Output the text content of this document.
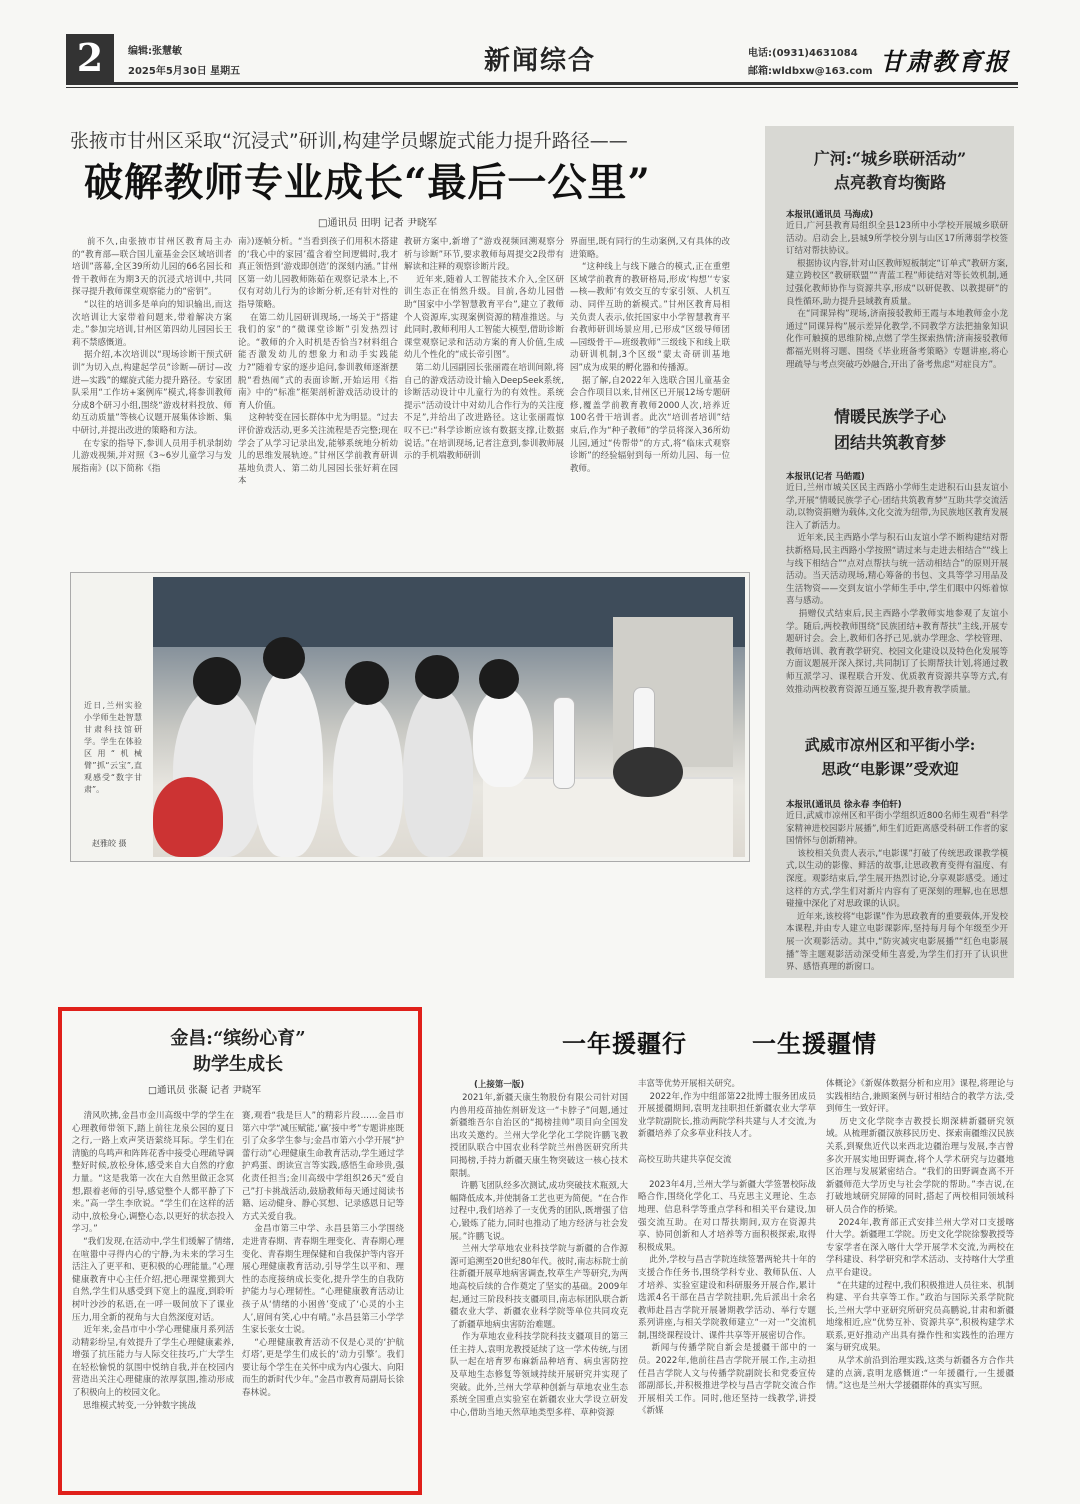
2	编辑:张慧敏
2025年5月30日 星期五	新闻综合	电话:(0931)4631084
邮箱:wldbxw@163.com 甘肃教育报
张掖市甘州区采取“沉浸式”研训,构建学员螺旋式能力提升路径——
破解教师专业成长“最后一公里”
□通讯员 田明 记者 尹晓军
前不久,由张掖市甘州区教育局主办的“教育部—联合国儿童基金会区域培训者培训”落幕,全区39所幼儿园的66名园长和骨干教师在为期3天的沉浸式培训中,共同探寻提升教师课堂观察能力的“密钥”。
“以往的培训多是单向的知识输出,而这次培训让大家带着问题来,带着解决方案走。”参加完培训,甘州区第四幼儿园园长王莉不禁感慨道。
据介绍,本次培训以“现场诊断干预式研训”为切入点,构建起学员“诊断—研讨—改进—实践”的螺旋式能力提升路径。专家团队采用“工作坊+案例库”模式,将参训教师分成8个研习小组,围绕“游戏材料投放、师幼互动质量”等核心议题开展集体诊断、集中研讨,并提出改进的策略和方法。
在专家的指导下,参训人员用手机录制幼儿游戏视频,并对照《3~6岁儿童学习与发展指南》(以下简称《指
南》)逐帧分析。“当看到孩子们用积木搭建的‘我心中的家园’蕴含着空间逻辑时,我才真正领悟到‘游戏即创造’的深刻内涵。”甘州区第一幼儿园教师陈茹在观察记录本上,不仅有对幼儿行为的诊断分析,还有针对性的指导策略。
在第二幼儿园研训现场,一场关于“搭建我们的家”的“微课堂诊断”引发热烈讨论。“教师的介入时机是否恰当?材料组合能否激发幼儿的想象力和动手实践能力?”随着专家的逐步追问,参训教师逐渐摆脱“看热闹”式的表面诊断,开始运用《指南》中的“标准”框架剖析游戏活动设计的育人价值。
这种转变在园长群体中尤为明显。“过去评价游戏活动,更多关注流程是否完整;现在学会了从学习记录出发,能够系统地分析幼儿的思维发展轨迹。”甘州区学前教育研训基地负责人、第二幼儿园园长张好莉在园本
教研方案中,新增了“游戏视频回溯观察分析与诊断”环节,要求教师每周提交2段带有解读和注释的观察诊断片段。
近年来,随着人工智能技术介入,全区研训生态正在悄然升级。目前,各幼儿园借助“国家中小学智慧教育平台”,建立了教师个人资源库,实现案例资源的精准推送。与此同时,教师利用人工智能大模型,借助诊断课堂观察记录和活动方案的育人价值,生成幼儿个性化的“成长帝引图”。
第二幼儿园副园长张丽霞在培训间隙,将自己的游戏活动设计输入DeepSeek系统,诊断活动设计中儿童行为的有效性。系统提示“活动设计中对幼儿合作行为的关注度不足”,并给出了改进路径。这让张丽霞惊叹不已:“科学诊断应该有数据支撑,让数据说话。”在培训现场,记者注意到,参训教师展示的手机端教师研训
界面里,既有同行的生动案例,又有具体的改进策略。
“这种线上与线下融合的模式,正在重塑区域学前教育的教研格局,形成‘构想’‘专家—核—教师’有效交互的专家引领、人机互动、同伴互助的新模式。”甘州区教育局相关负责人表示,依托国家中小学智慧教育平台教师研训场景应用,已形成“区级导师团—园级骨干—班级教师”三级线下和线上联动研训机制,3个区级“蒙太奇研训基地园”成为成果的孵化器和传播源。
据了解,自2022年入选联合国儿童基金会合作项目以来,甘州区已开展12场专题研修,覆盖学前教育教师2000人次,培养近100名骨干培训者。此次“培训者培训”结束后,作为“种子教师”的学员将深入36所幼儿园,通过“传帮带”的方式,将“临床式观察诊断”的经验辐射到每一所幼儿园、每一位教师。
近日,兰州实验小学师生赴智慧甘肃科技馆研学。学生在体验区用“机械臂”抓“云宝”,直观感受“数字甘肃”。
赵雅皎 摄
广河:“城乡联研活动”
点亮教育均衡路
本报讯(通讯员 马海成)
近日,广河县教育局组织全县123所中小学校开展城乡联研活动。启动会上,县城9所学校分别与山区17所薄弱学校签订结对帮扶协议。
根据协议内容,针对山区教师短板制定“订单式”教研方案,建立跨校区“教研联盟”“青蓝工程”师徒结对等长效机制,通过强化教师协作与资源共享,形成“以研促教、以教提研”的良性循环,助力提升县域教育质量。
在“同课异构”现场,济南接驳教师王霞与本地教师金小龙通过“同课异构”展示差异化教学,不同教学方法把抽象知识化作可触摸的思维阶梯,点燃了学生探索热情;济南接驳教师都福光则将习题、围绕《毕业班备考策略》专题讲座,将心理疏导与考点突破巧妙融合,开出了备考焦虑“对症良方”。
情暖民族学子心
团结共筑教育梦
本报讯(记者 马皓霞)
近日,兰州市城关区民主西路小学师生走进积石山县友谊小学,开展“情暖民族学子心·团结共筑教育梦”互助共学交流活动,以物资捐赠为载体,文化交流为纽带,为民族地区教育发展注入了新活力。
近年来,民主西路小学与积石山友谊小学不断构建结对帮扶新格局,民主西路小学按照“请过来与走进去相结合”“线上与线下相结合”“点对点帮扶与统一活动相结合”的原则开展活动。当天活动现场,精心筹备的书包、文具等学习用品及生活物资——交到友谊小学师生手中,学生们眼中闪烁着惊喜与感动。
捐赠仪式结束后,民主西路小学教师实地参观了友谊小学。随后,两校教师围绕“民族团结+教育帮扶”主线,开展专题研讨会。会上,教师们各抒己见,就办学理念、学校管理、教师培训、教育教学研究、校园文化建设以及特色化发展等方面议题展开深入探讨,共同制订了长期帮扶计划,将通过教师互派学习、课程联合开发、优质教育资源共享等方式,有效推动两校教育资源互通互鉴,提升教育教学质量。
武威市凉州区和平街小学:
思政“电影课”受欢迎
本报讯(通讯员 徐永春 李伯轩)
近日,武威市凉州区和平街小学组织近800名师生观看“科学家精神进校园影片展播”,师生们近距离感受科研工作者的家国情怀与创新精神。
该校相关负责人表示,“电影课”打破了传统思政课教学模式,以生动的影像、鲜活的故事,让思政教育变得有温度、有深度。观影结束后,学生展开热烈讨论,分享观影感受。通过这样的方式,学生们对新片内容有了更深刻的理解,也在思想碰撞中深化了对思政课的认识。
近年来,该校将“电影课”作为思政教育的重要载体,开发校本课程,并由专人建立电影课影库,坚持每月每个年级至少开展一次观影活动。其中,“防灾减灾电影展播”“红色电影展播”等主题观影活动深受师生喜爱,为学生们打开了认识世界、感悟真理的新窗口。
金昌:“缤纷心育”
助学生成长
□通讯员 张凝 记者 尹晓军
清风吹拂,金昌市金川高级中学的学生在心理教师带领下,踏上前往龙泉公园的夏日之行,一路上欢声笑语萦绕耳际。学生们在清脆的鸟鸣声和阵阵花香中接受心理疏导调整好时候,放松身体,感受来自大自然的疗愈力量。“这是我第一次在大自然里做正念冥想,跟着老师的引导,感觉整个人都平静了下来。”高一学生李欣说。“学生们在这样的活动中,放松身心,调整心态,以更好的状态投入学习。”
“我们发现,在活动中,学生们缓解了情绪,在喧嚣中寻得内心的宁静,为未来的学习生活注入了更平和、更积极的心理能量。”心理健康教育中心主任介绍,把心理课堂搬到大自然,学生们从感受到下宽上的温度,到聆听树叶沙沙的私语,在一呼一吸间放下了课业压力,用全新的视角与大自然深度对话。
近年来,金昌市中小学心理健康月系列活动精彩纷呈,有效提升了学生心理健康素养,增强了抗压能力与人际交往技巧,广大学生在轻松愉悦的氛围中悦纳自我,并在校园内营造出关注心理健康的浓厚氛围,推动形成了积极向上的校园文化。
思维模式转变,一分钟数字挑战
赛,观看“我是巨人”的精彩片段……金昌市第六中学“减压赋能,‘赢’接中考”专题讲座既引了众多学生参与;金昌市第六小学开展“护蕾行动”心理健康生命教育活动,学生通过学护鸡蛋、朗读宣言等实践,感悟生命珍贵,强化责任担当;金川高级中学组织26天“爱自己”打卡挑战活动,鼓励教师每天通过阅读书籍、运动健身、静心冥想、记录感恩日记等方式关爱自我。
金昌市第三中学、永昌县第三小学围绕走进青春期、青春期生理变化、青春期心理变化、青春期生理保健和自我保护等内容开展心理健康教育活动,引导学生以平和、理性的态度接纳成长变化,提升学生的自我防护能力与心理韧性。“心理健康教育活动让孩子从‘情绪的小困兽’变成了‘心灵的小主人’,眉间有笑,心中有晴。”永昌县第三小学学生家长张女士说。
“心理健康教育活动不仅是心灵的‘护航灯塔’,更是学生们成长的‘动力引擎’。我们要让每个学生在关怀中成为内心强大、向阳而生的新时代少年。”金昌市教育局副局长徐春林说。
一年援疆行	一生援疆情
(上接第一版)
2021年,新疆天康生物股份有限公司针对国内兽用疫苗抽佐剂研发这一“卡脖子”问题,通过新疆维吾尔自治区的“揭榜挂帅”项目向全国发出攻关邀约。兰州大学化学化工学院许鹏飞教授团队联合中国农业科学院兰州兽医研究所共同揭榜,手持力新疆天康生物突破这一核心技术限制。
许鹏飞团队经多次测试,成功突破技术瓶颈,大幅降低成本,并使制备工艺也更为简便。“在合作过程中,我们培养了一支优秀的团队,既增强了信心,锻炼了能力,同时也推动了地方经济与社会发展。”许鹏飞说。
兰州大学草地农业科技学院与新疆的合作源源可追溯至20世纪80年代。彼时,南志标院士前往新疆开展草地病害调查,牧草生产等研究,为两地高校后续的合作奠定了坚实的基础。2009年起,通过三阶段科技支疆项目,南志标团队联合新疆农业大学、新疆农业科学院等单位共同攻克了新疆草地病虫害防治难题。
作为草地农业科技学院科技支疆项目的第三任主持人,袁明龙教授延续了这一学术传统,与团队一起在培育罗布麻新品种培育、病虫害防控及草地生态修复等领域持续开展研究并实现了突破。此外,兰州大学草种创新与草地农业生态系统全国重点实验室在新疆农业大学设立研发中心,借助当地天然草地类型多样、草种资源
丰富等优势开展相关研究。
2022年,作为中组部第22批博士服务团成员开展援疆期间,袁明龙挂职担任新疆农业大学草业学院副院长,推动两院学科共建与人才交流,为新疆培养了众多草业科技人才。

高校互助共建共享促交流

2023年4月,兰州大学与新疆大学签署校际战略合作,围绕化学化工、马克思主义理论、生态地理、信息科学等重点学科和相关平台建设,加强交流互助。在对口帮扶期间,双方在资源共享、协同创新和人才培养等方面积极探索,取得积极成果。
此外,学校与昌吉学院连续签署两轮共十年的支援合作任务书,围绕学科专业、教师队伍、人才培养、实验室建设和科研服务开展合作,累计选派4名干部在昌吉学院挂职,先后派出十余名教师赴昌吉学院开展暑期教学活动、举行专题系列讲座,与相关学院教师建立“一对一”交流机制,围绕课程设计、课件共享等开展密切合作。
新闻与传播学院自新会是援疆干部中的一员。2022年,他前往昌吉学院开展工作,主动担任昌吉学院人文与传播学院副院长和党委宣传部副部长,并积极推进学校与昌吉学院交流合作开展相关工作。同时,他还坚持一线教学,讲授《新媒
体概论》《新媒体数据分析和应用》课程,将理论与实践相结合,兼顾案例与研讨相结合的教学方法,受到师生一致好评。
历史文化学院李吉教授长期深耕新疆研究领域。从梳理新疆汉族移民历史、探索南疆维汉民族关系,到聚焦近代以来西北边疆治理与发展,李吉曾多次开展实地田野调查,将个人学术研究与边疆地区治理与发展紧密结合。“我们的田野调查离不开新疆师范大学历史与社会学院的帮助。”李吉说,在打破地域研究屏障的同时,搭起了两校相同领域科研人员合作的桥梁。
2024年,教育部正式安排兰州大学对口支援喀什大学。新疆理工学院。历史文化学院徐黎教授等专家学者在深入喀什大学开展学术交流,为两校在学科建设、科学研究和学术活动、支持喀什大学重点平台建设。
“在共建的过程中,我们积极推进人员往来、机制构建、平台共享等工作。”政治与国际关系学院院长,兰州大学中亚研究所研究员高鹏说,甘肃和新疆地缘相近,应“优势互补、资源共享”,积极构建学术联系,更好推动产出具有操作性和实践性的治理方案与研究成果。
从学术前沿到治理实践,这类与新疆各方合作共建的点滴,袁明龙感慨道:“一年援疆行,一生援疆情。”这也是兰州大学援疆群体的真实写照。
